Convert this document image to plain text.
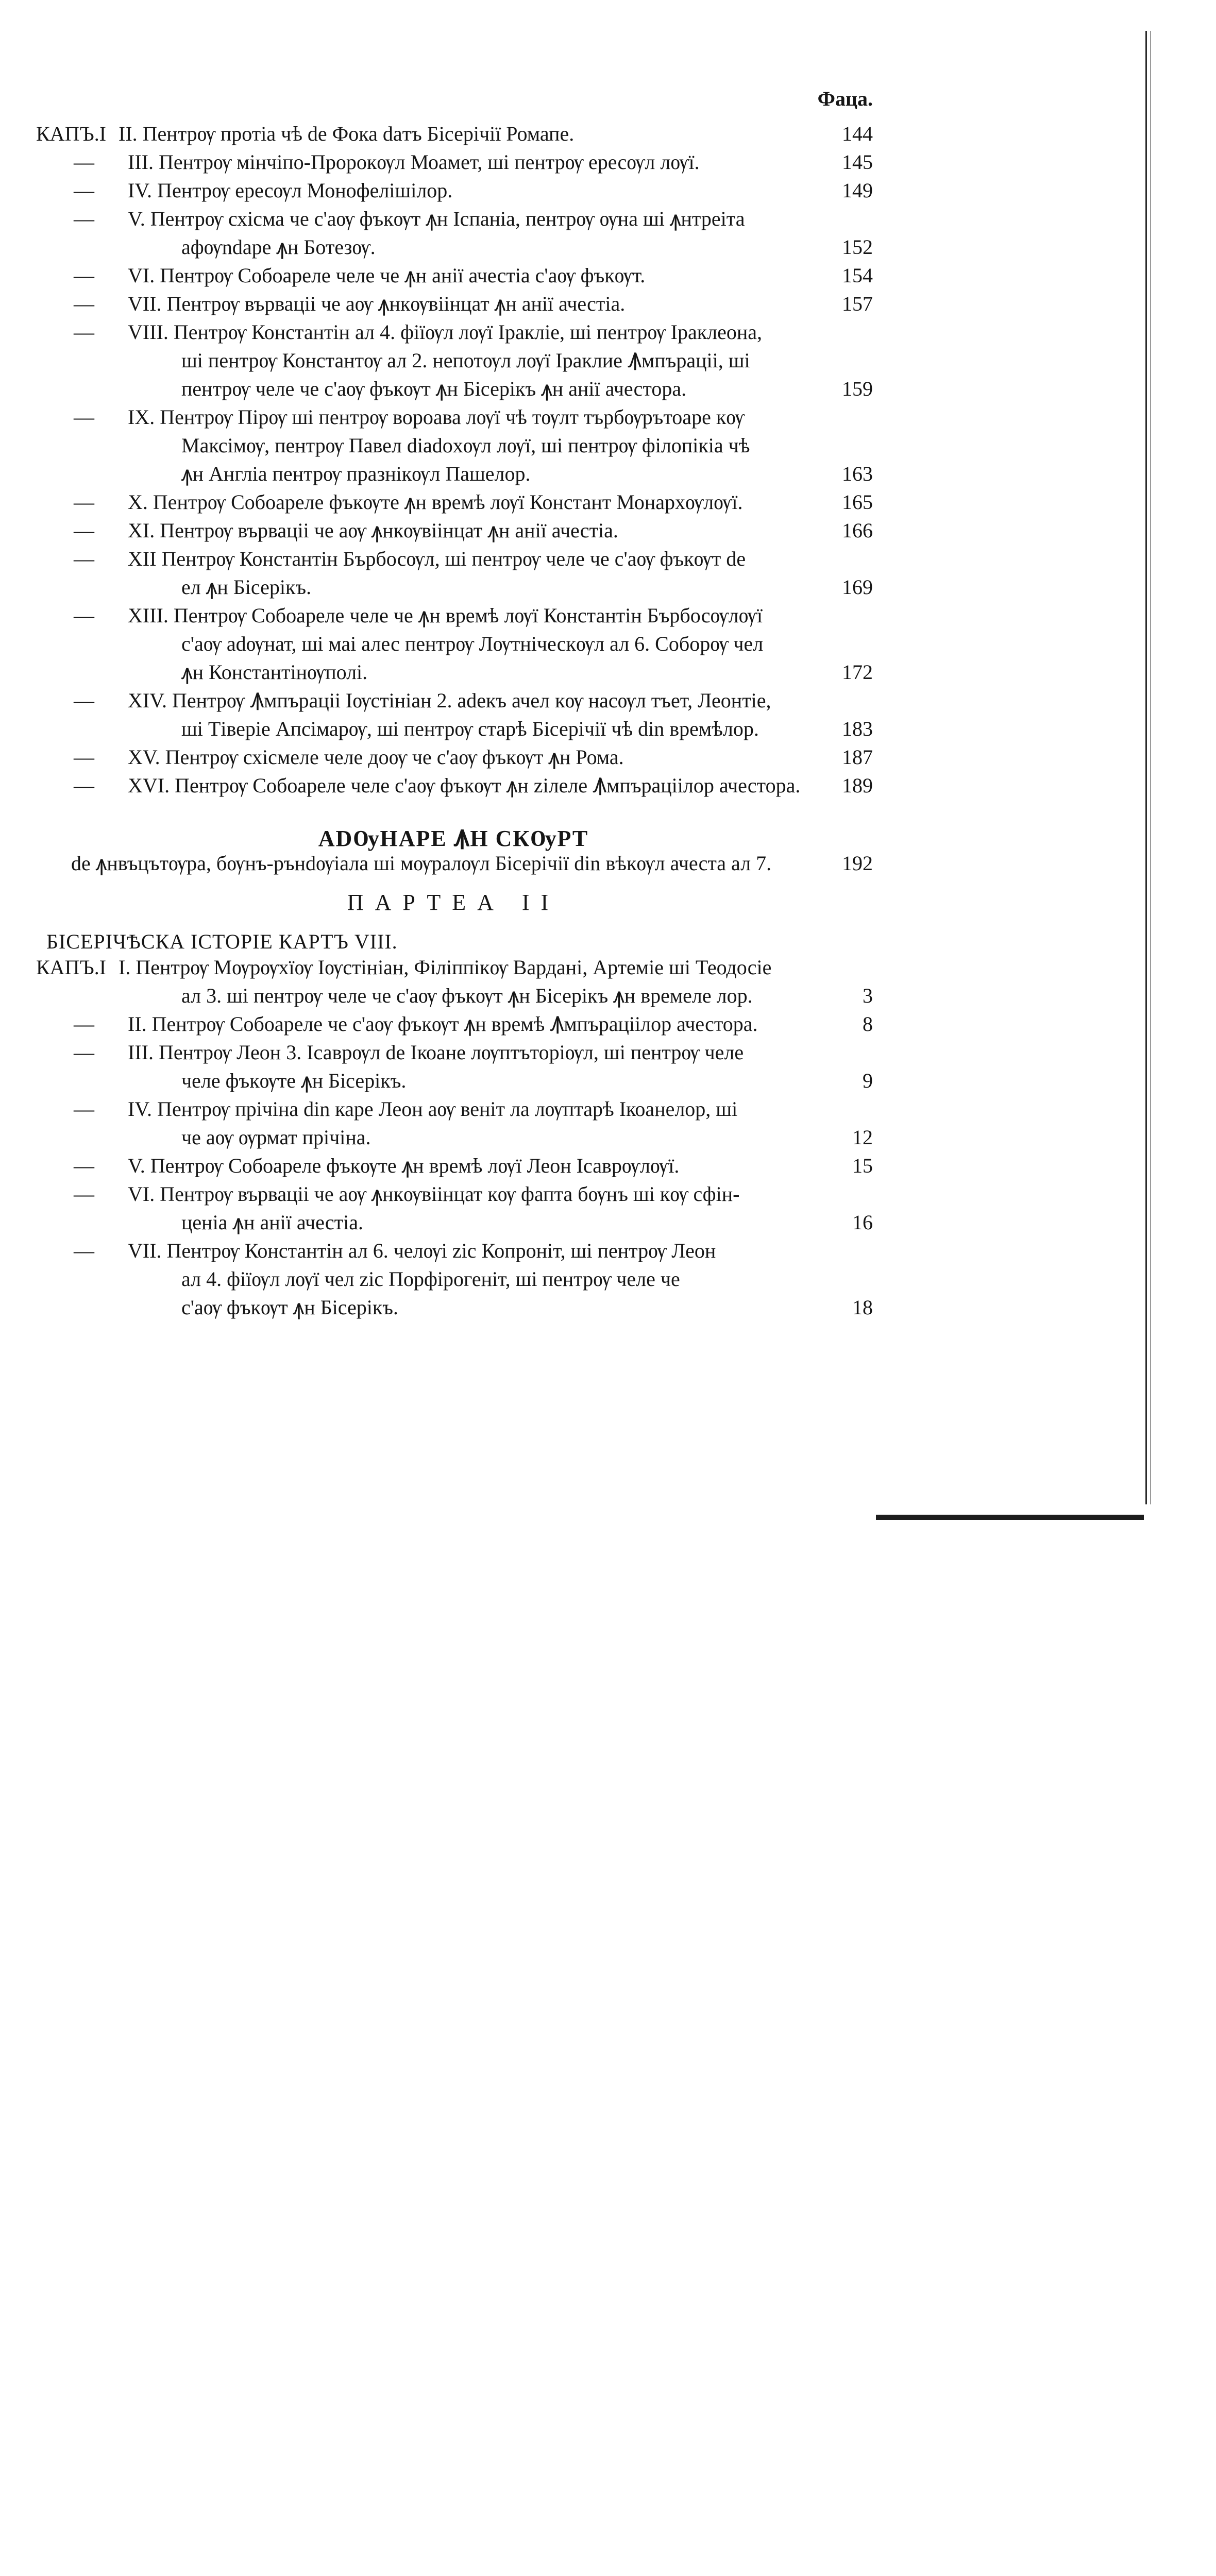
Фаца.
КАПЪ.I II. Пентрѹ протіа чѣ de Фока daтъ Бісерічії Ромапе.	144
— III. Пентрѹ мінчіпо-Пророкѹл Моамет, ші пентрѹ ересѹл лѹї.	145
— IV. Пентрѹ ересѹл Монофелішілор.	149
— V. Пентрѹ схісма че с'аѹ фъкѹт ꙟн Іспаніа, пентрѹ ѹна ші ꙟнтреіта
афѹndаре ꙟн Ботезѹ.	152
— VI. Пентрѹ Собоареле челе че ꙟн анії ачестіа с'аѹ фъкѹт.	154
— VII. Пентрѹ върваціі че аѹ ꙟнкѹвіінцат ꙟн анії ачестіа.	157
— VIII. Пентрѹ Константін ал 4. фіїѹл лѹї Іракліе, ші пентрѹ Іраклеона,
ші пентрѹ Константѹ ал 2. непотѹл лѹї Іраклие Ꙟмпъраціі, ші
пентрѹ челе че с'аѹ фъкѹт ꙟн Бісерікъ ꙟн анії ачестора.	159
— IX. Пентрѹ Пірѹ ші пентрѹ вороава лѹї чѣ тѹлт търбѹрътоаре кѹ
Максімѹ, пентрѹ Павел diadoхѹл лѹї, ші пентрѹ філопікіа чѣ
ꙟн Англіа пентрѹ празнікѹл Пашелор.	163
— X. Пентрѹ Собоареле фъкѹте ꙟн времѣ лѹї Констант Монархѹлѹї.	165
— XI. Пентрѹ върваціі че аѹ ꙟнкѹвіінцат ꙟн анії ачестіа.	166
— XII Пентрѹ Константін Бърбосѹл, ші пентрѹ челе че с'аѹ фъкѹт de
ел ꙟн Бісерікъ.	169
— XIII. Пентрѹ Собоареле челе че ꙟн времѣ лѹї Константін Бърбосѹлѹї
с'аѹ аdѹнат, ші маі алес пентрѹ Лѹтніческѹл ал 6. Соборѹ чел
ꙟн Константінѹполі.	172
— XIV. Пентрѹ Ꙟмпъраціі Іѹстініан 2. аdекъ ачел кѹ насѹл тъет, Леонтіе,
ші Тіверіе Апсімарѹ, ші пентрѹ старѣ Бісерічії чѣ din времѣлор.	183
— XV. Пентрѹ схісмеле челе доѹ че с'аѹ фъкѹт ꙟн Рома.	187
— XVI. Пентрѹ Собоареле челе с'аѹ фъкѹт ꙟн zілеле Ꙟмпъраціілор ачестора.	189
АDѸНАРЕ ꙞН СКѸРТ
de ꙟнвъцътѹра, бѹнъ-рънdѹіала ші мѹралѹл Бісерічії din вѣкѹл ачеста ал 7.	192
ПАРТЕА II
БІСЕРІЧѢСКА ІСТОРІЕ КАРТЪ VIII.
КАПЪ.I I. Пентрѹ Мѹрѹхїѹ Іѹстініан, Філіппікѹ Вардані, Артеміе ші Теодосіе
ал 3. ші пентрѹ челе че с'аѹ фъкѹт ꙟн Бісерікъ ꙟн времеле лор.	3
— II. Пентрѹ Собоареле че с'аѹ фъкѹт ꙟн времѣ Ꙟмпъраціілор ачестора.	8
— III. Пентрѹ Леон 3. Ісаврѹл de Ікоане лѹптъторіѹл, ші пентрѹ челе
челе фъкѹте ꙟн Бісерікъ.	9
— IV. Пентрѹ прічіна din каре Леон аѹ веніт ла лѹптарѣ Ікоанелор, ші
че аѹ ѹрмат прічіна.	12
— V. Пентрѹ Собоареле фъкѹте ꙟн времѣ лѹї Леон Ісаврѹлѹї.	15
— VI. Пентрѹ върваціі че аѹ ꙟнкѹвіінцат кѹ фапта бѹнъ ші кѹ сфін-
ценіа ꙟн анії ачестіа.	16
— VII. Пентрѹ Константін ал 6. челѹі zіс Копроніт, ші пентрѹ Леон
ал 4. фіїѹл лѹї чел zіс Порфірогеніт, ші пентрѹ челе че
с'аѹ фъкѹт ꙟн Бісерікъ.	18
